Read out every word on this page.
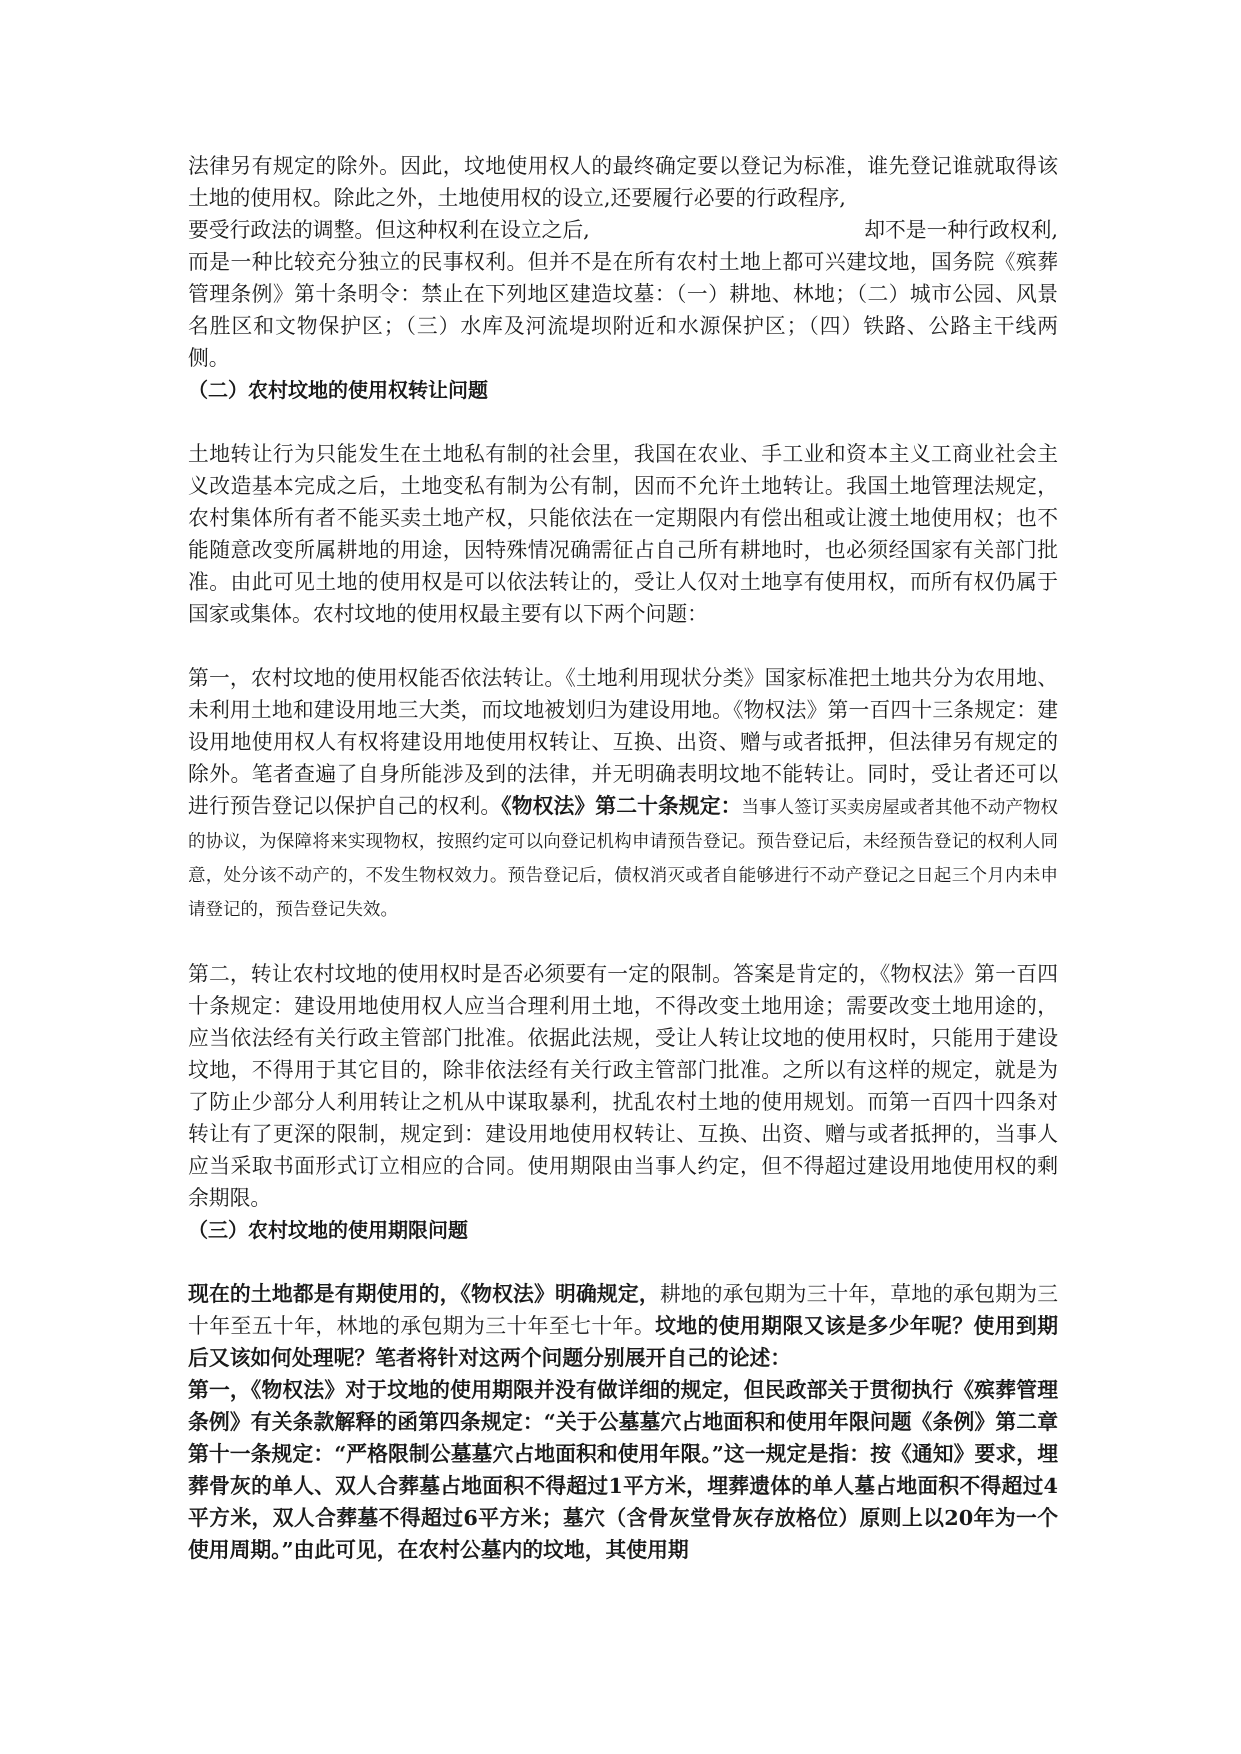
法律另有规定的除外。因此，坟地使用权人的最终确定要以登记为标准，谁先登记谁就取得该土地的使用权。除此之外，土地使用权的设立,还要履行必要的行政程序,

要受行政法的调整。但这种权利在设立之后,	却不是一种行政权利,

而是一种比较充分独立的民事权利。但并不是在所有农村土地上都可兴建坟地，国务院《殡葬管理条例》第十条明令：禁止在下列地区建造坟墓：（一）耕地、林地；（二）城市公园、风景名胜区和文物保护区；（三）水库及河流堤坝附近和水源保护区；（四）铁路、公路主干线两侧。

（二）农村坟地的使用权转让问题

土地转让行为只能发生在土地私有制的社会里，我国在农业、手工业和资本主义工商业社会主义改造基本完成之后，土地变私有制为公有制，因而不允许土地转让。我国土地管理法规定，农村集体所有者不能买卖土地产权，只能依法在一定期限内有偿出租或让渡土地使用权；也不能随意改变所属耕地的用途，因特殊情况确需征占自己所有耕地时，也必须经国家有关部门批准。由此可见土地的使用权是可以依法转让的，受让人仅对土地享有使用权，而所有权仍属于国家或集体。农村坟地的使用权最主要有以下两个问题：

第一，农村坟地的使用权能否依法转让。《土地利用现状分类》国家标准把土地共分为农用地、未利用土地和建设用地三大类，而坟地被划归为建设用地。《物权法》第一百四十三条规定：建设用地使用权人有权将建设用地使用权转让、互换、出资、赠与或者抵押，但法律另有规定的除外。笔者查遍了自身所能涉及到的法律，并无明确表明坟地不能转让。同时，受让者还可以进行预告登记以保护自己的权利。《物权法》第二十条规定：当事人签订买卖房屋或者其他不动产物权的协议，为保障将来实现物权，按照约定可以向登记机构申请预告登记。预告登记后，未经预告登记的权利人同意，处分该不动产的，不发生物权效力。预告登记后，债权消灭或者自能够进行不动产登记之日起三个月内未申请登记的，预告登记失效。

第二，转让农村坟地的使用权时是否必须要有一定的限制。答案是肯定的，《物权法》第一百四十条规定：建设用地使用权人应当合理利用土地，不得改变土地用途；需要改变土地用途的，应当依法经有关行政主管部门批准。依据此法规，受让人转让坟地的使用权时，只能用于建设坟地，不得用于其它目的，除非依法经有关行政主管部门批准。之所以有这样的规定，就是为了防止少部分人利用转让之机从中谋取暴利，扰乱农村土地的使用规划。而第一百四十四条对转让有了更深的限制，规定到：建设用地使用权转让、互换、出资、赠与或者抵押的，当事人应当采取书面形式订立相应的合同。使用期限由当事人约定，但不得超过建设用地使用权的剩余期限。

（三）农村坟地的使用期限问题

现在的土地都是有期使用的，《物权法》明确规定，耕地的承包期为三十年，草地的承包期为三十年至五十年，林地的承包期为三十年至七十年。坟地的使用期限又该是多少年呢？使用到期后又该如何处理呢？笔者将针对这两个问题分别展开自己的论述：

第一，《物权法》对于坟地的使用期限并没有做详细的规定，但民政部关于贯彻执行《殡葬管理条例》有关条款解释的函第四条规定：“关于公墓墓穴占地面积和使用年限问题《条例》第二章第十一条规定：“严格限制公墓墓穴占地面积和使用年限。”这一规定是指：按《通知》要求，埋葬骨灰的单人、双人合葬墓占地面积不得超过1平方米，埋葬遗体的单人墓占地面积不得超过4平方米，双人合葬墓不得超过6平方米；墓穴（含骨灰堂骨灰存放格位）原则上以20年为一个使用周期。”由此可见，在农村公墓内的坟地，其使用期
